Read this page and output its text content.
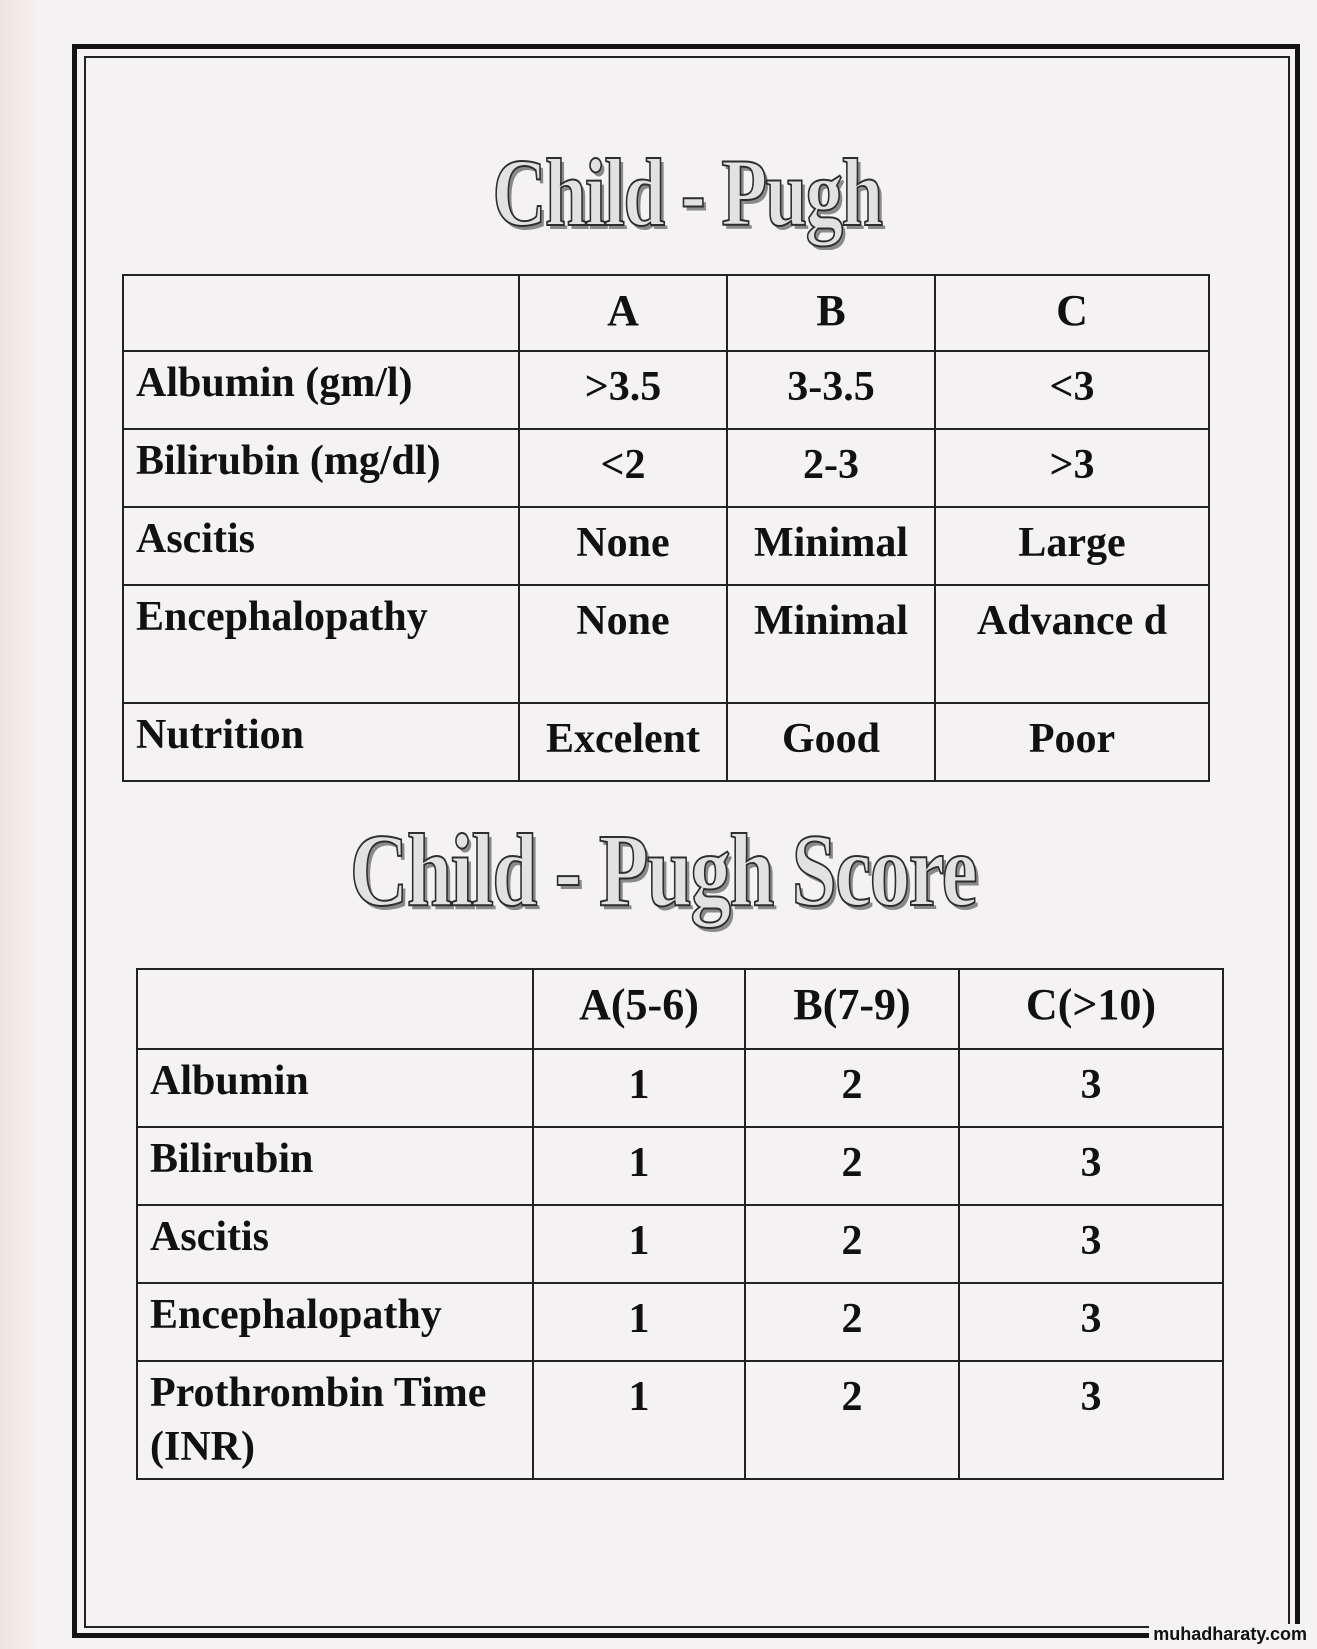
Child - Pugh
	A	B	C
Albumin (gm/l)	>3.5	3-3.5	<3
Bilirubin (mg/dl)	<2	2-3	>3
Ascitis	None	Minimal	Large
Encephalopathy	None	Minimal	Advance d
Nutrition	Excelent	Good	Poor
Child - Pugh Score
	A(5-6)	B(7-9)	C(>10)
Albumin	1	2	3
Bilirubin	1	2	3
Ascitis	1	2	3
Encephalopathy	1	2	3
Prothrombin Time (INR)	1	2	3
muhadharaty.com
